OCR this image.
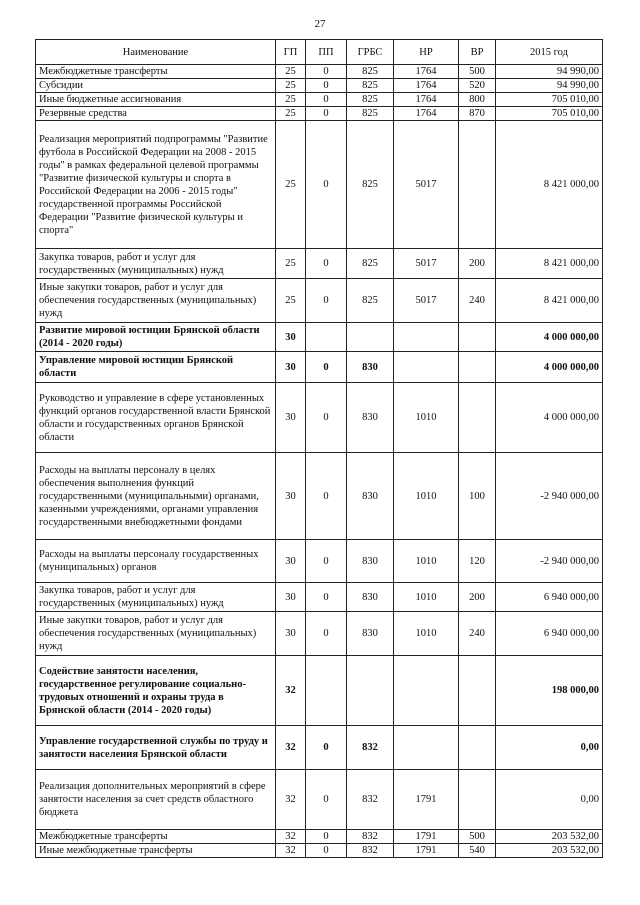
27
Наименование	ГП	ПП	ГРБС	НР	ВР	2015 год
Межбюджетные трансферты	25	0	825	1764	500	94 990,00
Субсидии	25	0	825	1764	520	94 990,00
Иные бюджетные ассигнования	25	0	825	1764	800	705 010,00
Резервные средства	25	0	825	1764	870	705 010,00
Реализация мероприятий подпрограммы "Развитие футбола в Российской Федерации на 2008 - 2015 годы" в рамках федеральной целевой программы "Развитие физической культуры и спорта в Российской Федерации на 2006 - 2015 годы" государственной программы Российской Федерации "Развитие физической культуры и спорта"	25	0	825	5017		8 421 000,00
Закупка товаров, работ и услуг для государственных (муниципальных) нужд	25	0	825	5017	200	8 421 000,00
Иные закупки товаров, работ и услуг для обеспечения государственных (муниципальных) нужд	25	0	825	5017	240	8 421 000,00
Развитие мировой юстиции Брянской области (2014 - 2020 годы)	30					4 000 000,00
Управление мировой юстиции Брянской области	30	0	830			4 000 000,00
Руководство и управление в сфере установленных функций органов государственной власти Брянской области и государственных органов Брянской области	30	0	830	1010		4 000 000,00
Расходы на выплаты персоналу в целях обеспечения выполнения функций государственными (муниципальными) органами, казенными учреждениями, органами управления государственными внебюджетными фондами	30	0	830	1010	100	-2 940 000,00
Расходы на выплаты персоналу государственных (муниципальных) органов	30	0	830	1010	120	-2 940 000,00
Закупка товаров, работ и услуг для государственных (муниципальных) нужд	30	0	830	1010	200	6 940 000,00
Иные закупки товаров, работ и услуг для обеспечения государственных (муниципальных) нужд	30	0	830	1010	240	6 940 000,00
Содействие занятости населения, государственное регулирование социально-трудовых отношений и охраны труда в Брянской области (2014 - 2020 годы)	32					198 000,00
Управление государственной службы по труду и занятости населения Брянской области	32	0	832			0,00
Реализация дополнительных мероприятий в сфере занятости населения за счет средств областного бюджета	32	0	832	1791		0,00
Межбюджетные трансферты	32	0	832	1791	500	203 532,00
Иные межбюджетные трансферты	32	0	832	1791	540	203 532,00
